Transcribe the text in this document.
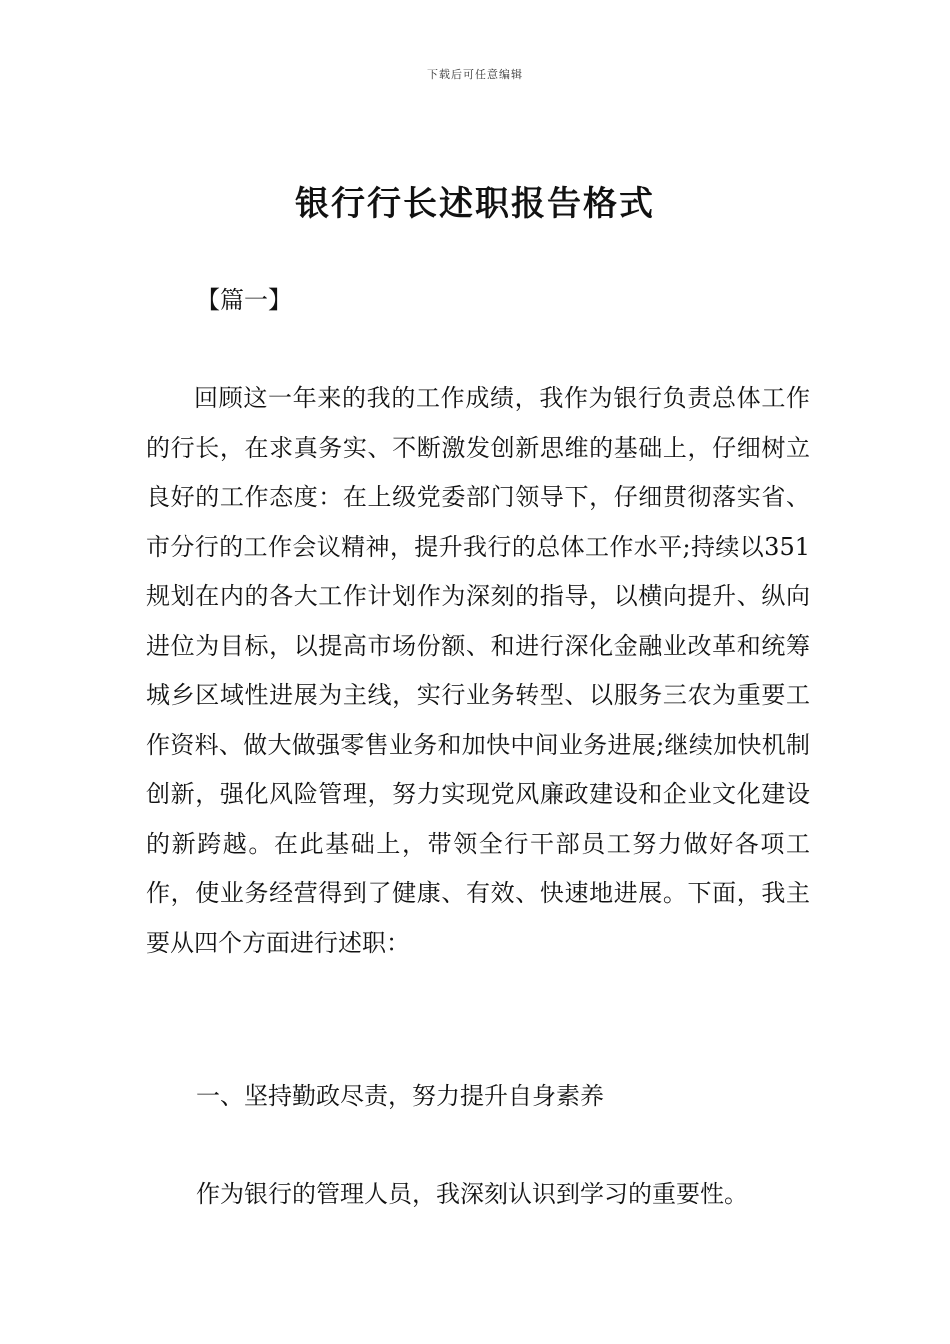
下载后可任意编辑
银行行长述职报告格式
【篇一】

回顾这一年来的我的工作成绩，我作为银行负责总体工作的行长，在求真务实、不断激发创新思维的基础上，仔细树立良好的工作态度：在上级党委部门领导下，仔细贯彻落实省、市分行的工作会议精神，提升我行的总体工作水平;持续以351规划在内的各大工作计划作为深刻的指导，以横向提升、纵向进位为目标，以提高市场份额、和进行深化金融业改革和统筹城乡区域性进展为主线，实行业务转型、以服务三农为重要工作资料、做大做强零售业务和加快中间业务进展;继续加快机制创新，强化风险管理，努力实现党风廉政建设和企业文化建设的新跨越。在此基础上，带领全行干部员工努力做好各项工作，使业务经营得到了健康、有效、快速地进展。下面，我主要从四个方面进行述职：

一、坚持勤政尽责，努力提升自身素养

作为银行的管理人员，我深刻认识到学习的重要性。
